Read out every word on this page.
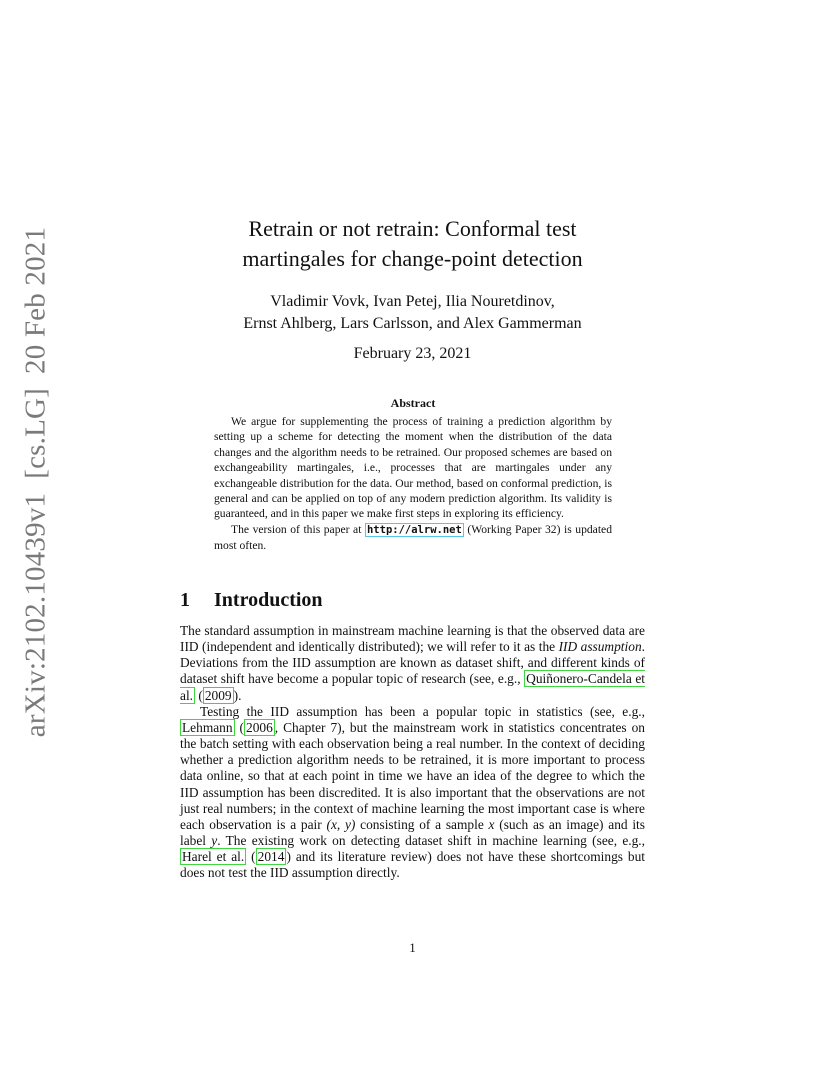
arXiv:2102.10439v1[cs.LG]20 Feb 2021	Retrain or not retrain: Conformal test
martingales for change-point detection
Vladimir Vovk, Ivan Petej, Ilia Nouretdinov,
Ernst Ahlberg, Lars Carlsson, and Alex Gammerman
February 23, 2021
Abstract

We argue for supplementing the process of training a prediction algorithm by setting up a scheme for detecting the moment when the distribution of the data changes and the algorithm needs to be retrained. Our proposed schemes are based on exchangeability martingales, i.e., processes that are martingales under any exchangeable distribution for the data. Our method, based on conformal prediction, is general and can be applied on top of any modern prediction algorithm. Its validity is guaranteed, and in this paper we make first steps in exploring its efficiency.

The version of this paper at http://alrw.net (Working Paper 32) is updated most often.

1 Introduction

The standard assumption in mainstream machine learning is that the observed data are IID (independent and identically distributed); we will refer to it as the IID assumption. Deviations from the IID assumption are known as dataset shift, and different kinds of dataset shift have become a popular topic of research (see, e.g., Quiñonero-Candela et al. ( 2009 ).

Testing the IID assumption has been a popular topic in statistics (see, e.g., Lehmann ( 2006 , Chapter 7), but the mainstream work in statistics concentrates on the batch setting with each observation being a real number. In the context of deciding whether a prediction algorithm needs to be retrained, it is more important to process data online, so that at each point in time we have an idea of the degree to which the IID assumption has been discredited. It is also important that the observations are not just real numbers; in the context of machine learning the most important case is where each observation is a pair (x, y) consisting of a sample x (such as an image) and its label y. The existing work on detecting dataset shift in machine learning (see, e.g., Harel et al. ( 2014 ) and its literature review) does not have these shortcomings but does not test the IID assumption directly.

1
